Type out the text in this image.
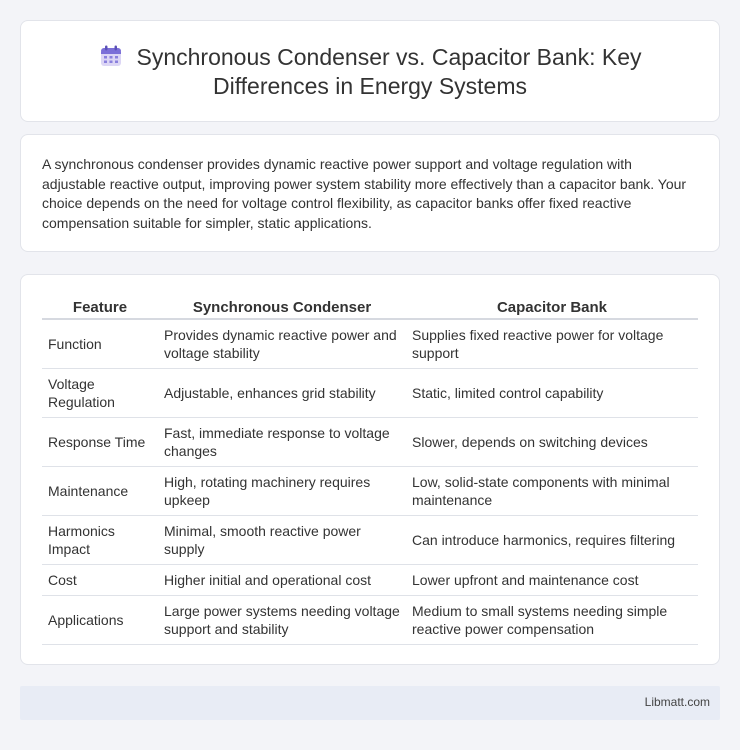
Synchronous Condenser vs. Capacitor Bank: Key
Differences in Energy Systems

A synchronous condenser provides dynamic reactive power support and voltage regulation with adjustable reactive output, improving power system stability more effectively than a capacitor bank. Your choice depends on the need for voltage control flexibility, as capacitor banks offer fixed reactive compensation suitable for simpler, static applications.

Feature	Synchronous Condenser	Capacitor Bank
Function	Provides dynamic reactive power and voltage stability	Supplies fixed reactive power for voltage support
Voltage Regulation	Adjustable, enhances grid stability	Static, limited control capability
Response Time	Fast, immediate response to voltage changes	Slower, depends on switching devices
Maintenance	High, rotating machinery requires upkeep	Low, solid-state components with minimal maintenance
Harmonics Impact	Minimal, smooth reactive power supply	Can introduce harmonics, requires filtering
Cost	Higher initial and operational cost	Lower upfront and maintenance cost
Applications	Large power systems needing voltage support and stability	Medium to small systems needing simple reactive power compensation
Libmatt.com
